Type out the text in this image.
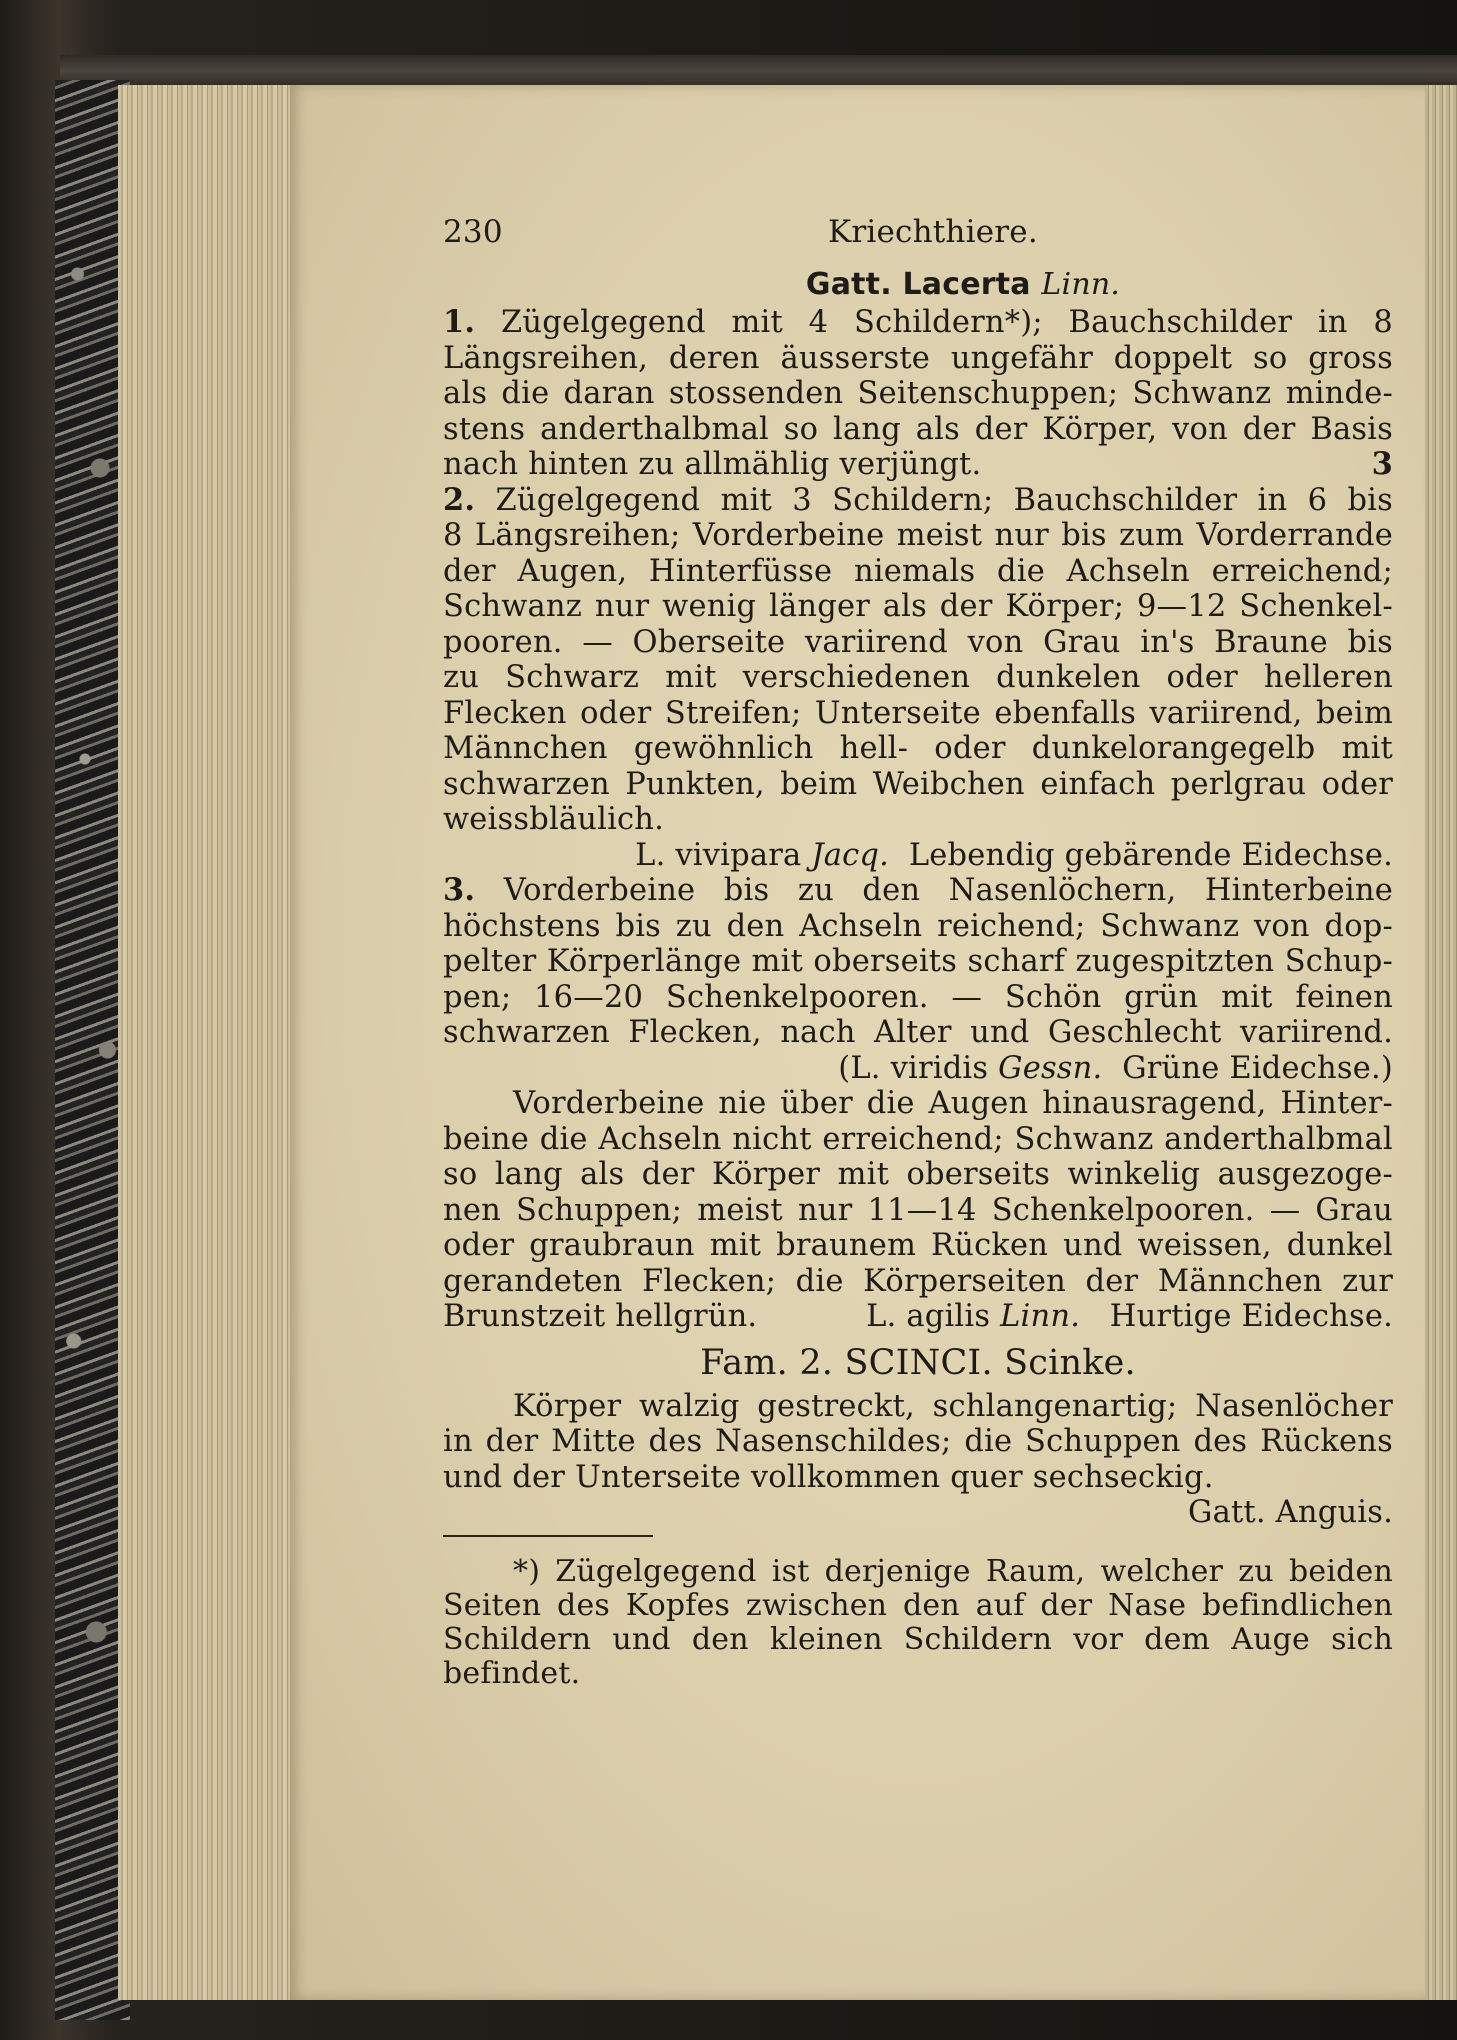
230	Kriechthiere.
Gatt. Lacerta Linn.
1. Zügelgegend mit 4 Schildern*); Bauchschilder in 8
Längsreihen, deren äusserste ungefähr doppelt so gross
als die daran stossenden Seitenschuppen; Schwanz minde-
stens anderthalbmal so lang als der Körper, von der Basis
nach hinten zu allmählig verjüngt.	3
2. Zügelgegend mit 3 Schildern; Bauchschilder in 6 bis
8 Längsreihen; Vorderbeine meist nur bis zum Vorderrande
der Augen, Hinterfüsse niemals die Achseln erreichend;
Schwanz nur wenig länger als der Körper; 9—12 Schenkel-
pooren. — Oberseite variirend von Grau in's Braune bis
zu Schwarz mit verschiedenen dunkelen oder helleren
Flecken oder Streifen; Unterseite ebenfalls variirend, beim
Männchen gewöhnlich hell- oder dunkelorangegelb mit
schwarzen Punkten, beim Weibchen einfach perlgrau oder
weissbläulich.
L. vivipara Jacq. Lebendig gebärende Eidechse.
3. Vorderbeine bis zu den Nasenlöchern, Hinterbeine
höchstens bis zu den Achseln reichend; Schwanz von dop-
pelter Körperlänge mit oberseits scharf zugespitzten Schup-
pen; 16—20 Schenkelpooren. — Schön grün mit feinen
schwarzen Flecken, nach Alter und Geschlecht variirend.
(L. viridis Gessn. Grüne Eidechse.)
Vorderbeine nie über die Augen hinausragend, Hinter-
beine die Achseln nicht erreichend; Schwanz anderthalbmal
so lang als der Körper mit oberseits winkelig ausgezoge-
nen Schuppen; meist nur 11—14 Schenkelpooren. — Grau
oder graubraun mit braunem Rücken und weissen, dunkel
gerandeten Flecken; die Körperseiten der Männchen zur
Brunstzeit hellgrün.	L. agilis Linn. Hurtige Eidechse.
Fam. 2. SCINCI. Scinke.
Körper walzig gestreckt, schlangenartig; Nasenlöcher
in der Mitte des Nasenschildes; die Schuppen des Rückens
und der Unterseite vollkommen quer sechseckig.
Gatt. Anguis.
*) Zügelgegend ist derjenige Raum, welcher zu beiden
Seiten des Kopfes zwischen den auf der Nase befindlichen
Schildern und den kleinen Schildern vor dem Auge sich
befindet.
